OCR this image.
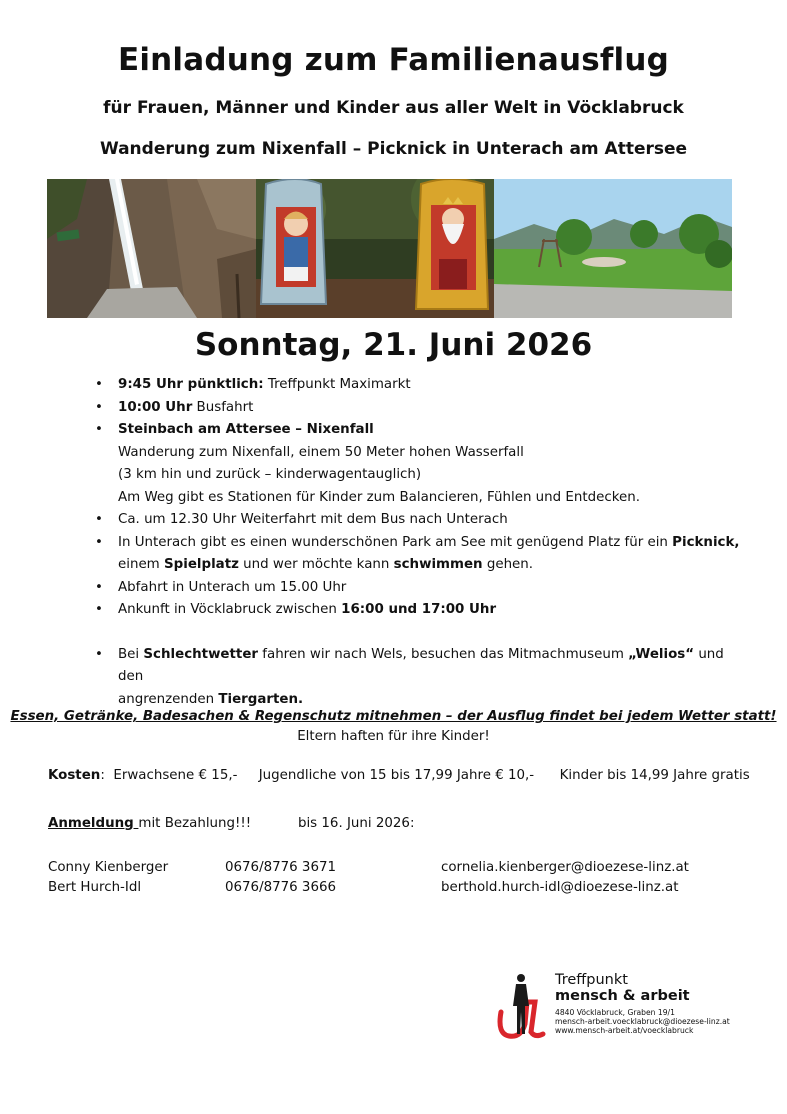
Einladung zum Familienausflug
für Frauen, Männer und Kinder aus aller Welt in Vöcklabruck
Wanderung zum Nixenfall – Picknick in Unterach am Attersee
Sonntag, 21. Juni 2026
• 9:45 Uhr pünktlich: Treffpunkt Maximarkt
• 10:00 Uhr Busfahrt
• Steinbach am Attersee – Nixenfall
Wanderung zum Nixenfall, einem 50 Meter hohen Wasserfall
(3 km hin und zurück – kinderwagentauglich)
Am Weg gibt es Stationen für Kinder zum Balancieren, Fühlen und Entdecken.
• Ca. um 12.30 Uhr Weiterfahrt mit dem Bus nach Unterach
• In Unterach gibt es einen wunderschönen Park am See mit genügend Platz für ein Picknick,
einem Spielplatz und wer möchte kann schwimmen gehen.
• Abfahrt in Unterach um 15.00 Uhr
• Ankunft in Vöcklabruck zwischen 16:00 und 17:00 Uhr
• Bei Schlechtwetter fahren wir nach Wels, besuchen das Mitmachmuseum „Welios“ und den
angrenzenden Tiergarten.
Essen, Getränke, Badesachen & Regenschutz mitnehmen – der Ausflug findet bei jedem Wetter statt!
Eltern haften für ihre Kinder!
Kosten:  Erwachsene € 15,-     Jugendliche von 15 bis 17,99 Jahre € 10,-      Kinder bis 14,99 Jahre gratis
Anmeldung mit Bezahlung!!!           bis 16. Juni 2026:
Conny Kienberger	0676/8776 3671	cornelia.kienberger@dioezese-linz.at
Bert Hurch-Idl	0676/8776 3666	berthold.hurch-idl@dioezese-linz.at
Treffpunkt
mensch & arbeit
4840 Vöcklabruck, Graben 19/1
mensch-arbeit.voecklabruck@dioezese-linz.at
www.mensch-arbeit.at/voecklabruck
